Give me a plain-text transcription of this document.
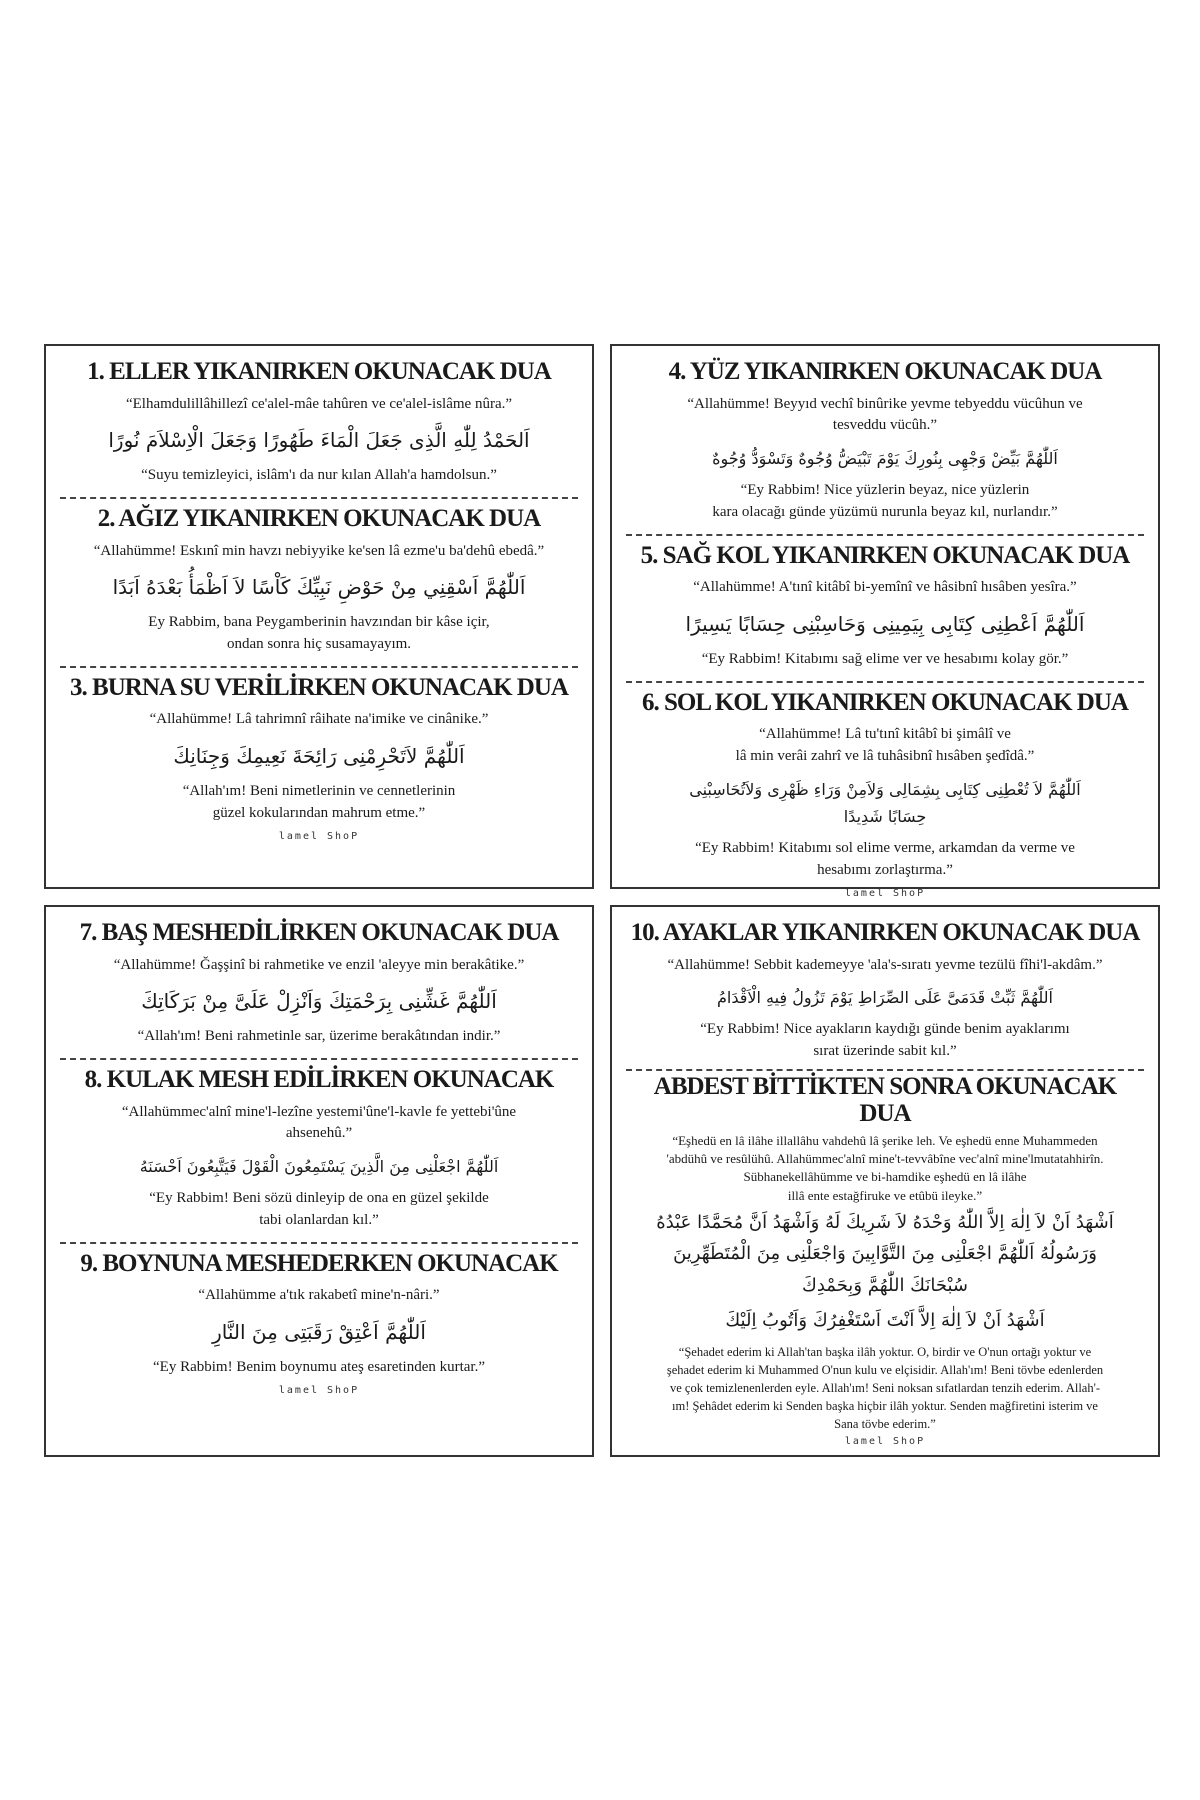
1. ELLER YIKANIRKEN OKUNACAK DUA
“Elhamdulillâhillezî ce'alel-mâe tahûren ve ce'alel-islâme nûra.”
اَلحَمْدُ لِلّٰهِ الَّذِى جَعَلَ الْمَاءَ طَهُورًا وَجَعَلَ الْاِسْلاَمَ نُورًا
“Suyu temizleyici, islâm'ı da nur kılan Allah'a hamdolsun.”
2. AĞIZ YIKANIRKEN OKUNACAK DUA
“Allahümme! Eskınî min havzı nebiyyike ke'sen lâ ezme'u ba'dehû ebedâ.”
اَللّٰهُمَّ اَسْقِنِي مِنْ حَوْضِ نَبِيِّكَ كَاْسًا لاَ اَظْمَأُ بَعْدَهُ اَبَدًا
Ey Rabbim, bana Peygamberinin havzından bir kâse içir,
ondan sonra hiç susamayayım.
3. BURNA SU VERİLİRKEN OKUNACAK DUA
“Allahümme! Lâ tahrimnî râihate na'imike ve cinânike.”
اَللّٰهُمَّ لاَتَحْرِمْنِى رَائِحَةَ نَعِيمِكَ وَجِنَانِكَ
“Allah'ım! Beni nimetlerinin ve cennetlerinin
güzel kokularından mahrum etme.”
lamel ShoP
4. YÜZ YIKANIRKEN OKUNACAK DUA
“Allahümme! Beyyıd vechî binûrike yevme tebyeddu vücûhun ve
tesveddu vücûh.”
اَللّٰهُمَّ بَيِّضْ وَجْهِى بِنُورِكَ يَوْمَ تَبْيَضُّ وُجُوهٌ وَتَسْوَدُّ وُجُوهٌ
“Ey Rabbim! Nice yüzlerin beyaz, nice yüzlerin
kara olacağı günde yüzümü nurunla beyaz kıl, nurlandır.”
5. SAĞ KOL YIKANIRKEN OKUNACAK DUA
“Allahümme! A'tınî kitâbî bi-yemînî ve hâsibnî hısâben yesîra.”
اَللّٰهُمَّ اَعْطِنِى كِتَابِى بِيَمِينِى وَحَاسِبْنِى حِسَابًا يَسِيرًا
“Ey Rabbim! Kitabımı sağ elime ver ve hesabımı kolay gör.”
6. SOL KOL YIKANIRKEN OKUNACAK DUA
“Allahümme! Lâ tu'tınî kitâbî bi şimâlî ve
lâ min verâi zahrî ve lâ tuhâsibnî hısâben şedîdâ.”
اَللّٰهُمَّ لاَ تُعْطِنِى كِتَابِى بِشِمَالِى وَلاَمِنْ وَرَاءِ ظَهْرِى وَلاَتُحَاسِبْنِى
حِسَابًا شَدِيدًا
“Ey Rabbim! Kitabımı sol elime verme, arkamdan da verme ve
hesabımı zorlaştırma.”
lamel ShoP
7. BAŞ MESHEDİLİRKEN OKUNACAK DUA
“Allahümme! Ğaşşinî bi rahmetike ve enzil 'aleyye min berakâtike.”
اَللّٰهُمَّ غَشِّنِى بِرَحْمَتِكَ وَاَنْزِلْ عَلَىَّ مِنْ بَرَكَاتِكَ
“Allah'ım! Beni rahmetinle sar, üzerime berakâtından indir.”
8. KULAK MESH EDİLİRKEN OKUNACAK
“Allahümmec'alnî mine'l-lezîne yestemi'ûne'l-kavle fe yettebi'ûne
ahsenehû.”
اَللّٰهُمَّ اجْعَلْنِى مِنَ الَّذِينَ يَسْتَمِعُونَ الْقَوْلَ فَيَتَّبِعُونَ اَحْسَنَهُ
“Ey Rabbim! Beni sözü dinleyip de ona en güzel şekilde
tabi olanlardan kıl.”
9. BOYNUNA MESHEDERKEN OKUNACAK
“Allahümme a'tık rakabetî mine'n-nâri.”
اَللّٰهُمَّ اَعْتِقْ رَقَبَتِى مِنَ النَّارِ
“Ey Rabbim! Benim boynumu ateş esaretinden kurtar.”
lamel ShoP
10. AYAKLAR YIKANIRKEN OKUNACAK DUA
“Allahümme! Sebbit kademeyye 'ala's-sıratı yevme tezülü fîhi'l-akdâm.”
اَللّٰهُمَّ ثَبِّتْ قَدَمَىَّ عَلَى الصِّرَاطِ يَوْمَ تَزُولُ فِيهِ الْاَقْدَامُ
“Ey Rabbim! Nice ayakların kaydığı günde benim ayaklarımı
sırat üzerinde sabit kıl.”
ABDEST BİTTİKTEN SONRA OKUNACAK DUA
“Eşhedü en lâ ilâhe illallâhu vahdehû lâ şerike leh. Ve eşhedü enne Muhammeden
'abdühû ve resûlühû. Allahümmec'alnî mine't-tevvâbîne vec'alnî mine'lmutatahhirîn.
Sübhanekellâhümme ve bi-hamdike eşhedü en lâ ilâhe
illâ ente estağfiruke ve etûbü ileyke.”
اَشْهَدُ اَنْ لاَ اِلٰهَ اِلاَّ اللّٰهُ وَحْدَهُ لاَ شَرِيكَ لَهُ وَاَشْهَدُ اَنَّ مُحَمَّدًا عَبْدُهُ
وَرَسُولُهُ اَللّٰهُمَّ اجْعَلْنِى مِنَ التَّوَّابِينَ وَاجْعَلْنِى مِنَ الْمُتَطَهِّرِينَ
سُبْحَانَكَ اللّٰهُمَّ وَبِحَمْدِكَ
اَشْهَدُ اَنْ لاَ اِلٰهَ اِلاَّ اَنْتَ اَسْتَغْفِرُكَ وَاَتُوبُ اِلَيْكَ
“Şehadet ederim ki Allah'tan başka ilâh yoktur. O, birdir ve O'nun ortağı yoktur ve
şehadet ederim ki Muhammed O'nun kulu ve elçisidir. Allah'ım! Beni tövbe edenlerden
ve çok temizlenenlerden eyle. Allah'ım! Seni noksan sıfatlardan tenzih ederim. Allah'-
ım! Şehâdet ederim ki Senden başka hiçbir ilâh yoktur. Senden mağfiretini isterim ve
Sana tövbe ederim.”
lamel ShoP
